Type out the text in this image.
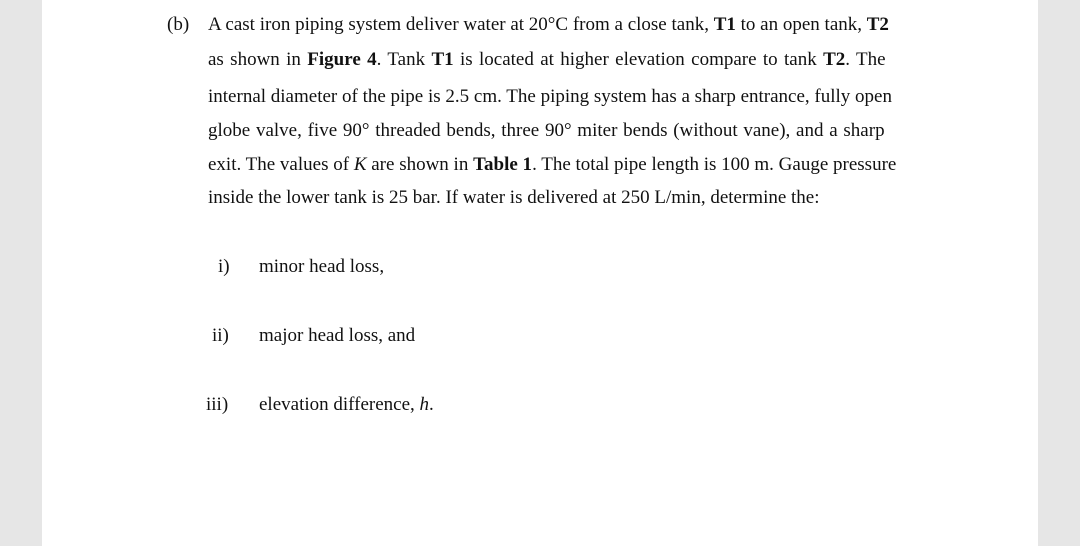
(b) A cast iron piping system deliver water at 20°C from a close tank, T1 to an open tank, T2
as shown in Figure 4. Tank T1 is located at higher elevation compare to tank T2. The
internal diameter of the pipe is 2.5 cm. The piping system has a sharp entrance, fully open
globe valve, five 90° threaded bends, three 90° miter bends (without vane), and a sharp
exit. The values of K are shown in Table 1. The total pipe length is 100 m. Gauge pressure
inside the lower tank is 25 bar. If water is delivered at 250 L/min, determine the:
i) minor head loss,
ii) major head loss, and
iii) elevation difference, h.
